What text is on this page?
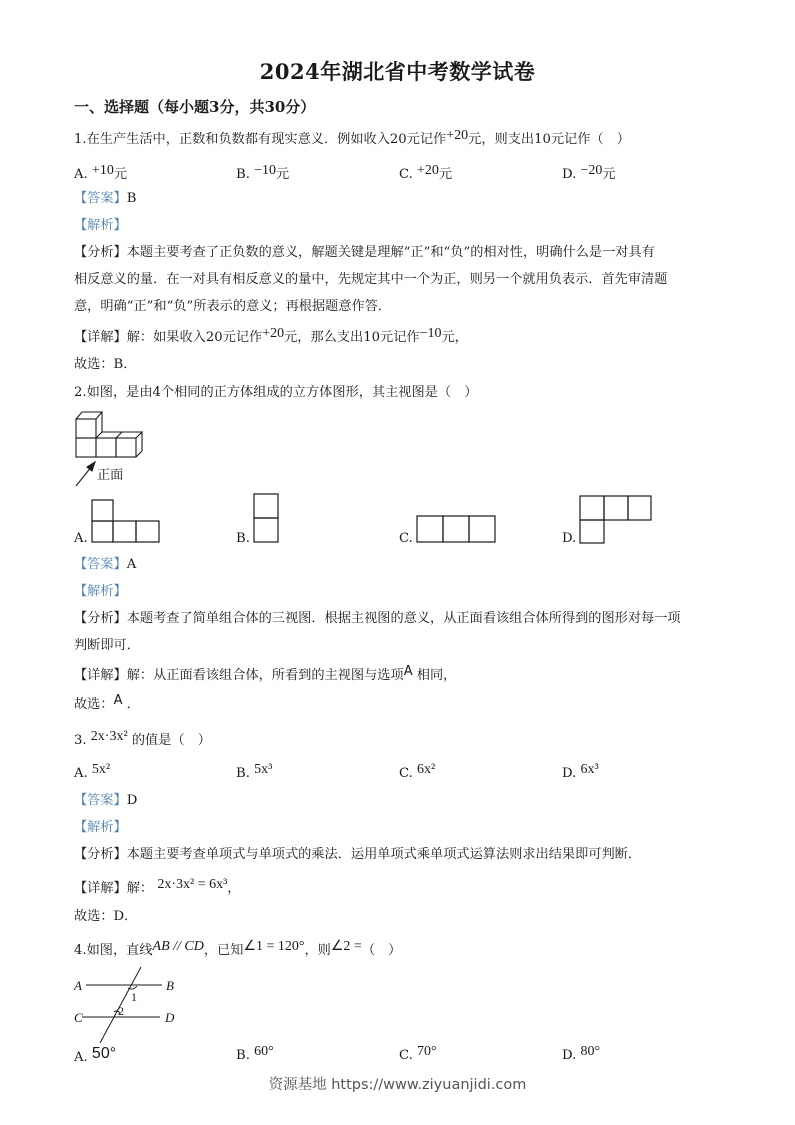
2024年湖北省中考数学试卷
一、选择题（每小题3分，共30分）
1.在生产生活中，正数和负数都有现实意义．例如收入20元记作+20元，则支出10元记作（　）
A. +10元	B. −10元	C. +20元	D. −20元
【答案】B
【解析】
【分析】本题主要考查了正负数的意义，解题关键是理解“正”和“负”的相对性，明确什么是一对具有
相反意义的量．在一对具有相反意义的量中，先规定其中一个为正，则另一个就用负表示．首先审清题
意，明确“正”和“负”所表示的意义；再根据题意作答．
【详解】解：如果收入20元记作+20元，那么支出10元记作−10元，
故选：B．
2.如图，是由4个相同的正方体组成的立方体图形，其主视图是（　）
正面
A.	B.	C.	D.
【答案】A
【解析】
【分析】本题考查了简单组合体的三视图．根据主视图的意义，从正面看该组合体所得到的图形对每一项
判断即可．
【详解】解：从正面看该组合体，所看到的主视图与选项A 相同，
故选：A ．
3. 2x·3x² 的值是（　）
A. 5x²	B. 5x³	C. 6x²	D. 6x³
【答案】D
【解析】
【分析】本题主要考查单项式与单项式的乘法．运用单项式乘单项式运算法则求出结果即可判断．
【详解】解： 2x·3x² = 6x³，
故选：D．
4.如图，直线AB // CD，已知∠1 = 120°，则∠2 =（　）
A	B
C	D
1
2
A. 50°	B. 60°	C. 70°	D. 80°
资源基地 https://www.ziyuanjidi.com
